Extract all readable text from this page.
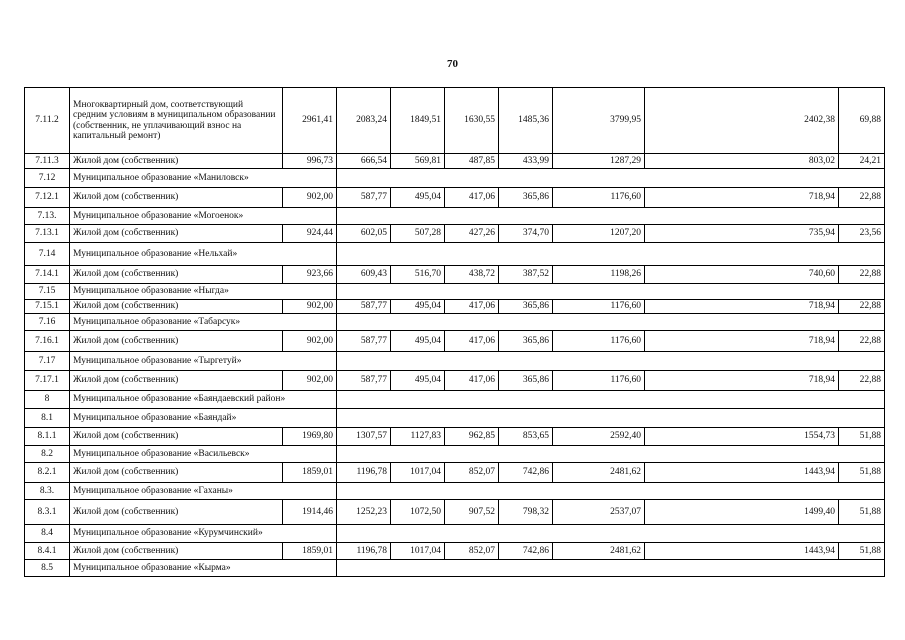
70
7.11.2	Многоквартирный дом, соответствующий средним условиям в муниципальном образовании (собственник, не уплачивающий взнос на капитальный ремонт)	2961,41	2083,24	1849,51	1630,55	1485,36	3799,95	2402,38	69,88
7.11.3	Жилой дом (собственник)	996,73	666,54	569,81	487,85	433,99	1287,29	803,02	24,21
7.12	Муниципальное образование «Маниловск»								
7.12.1	Жилой дом (собственник)	902,00	587,77	495,04	417,06	365,86	1176,60	718,94	22,88
7.13.	Муниципальное образование «Могоенок»								
7.13.1	Жилой дом (собственник)	924,44	602,05	507,28	427,26	374,70	1207,20	735,94	23,56
7.14	Муниципальное образование «Нельхай»								
7.14.1	Жилой дом (собственник)	923,66	609,43	516,70	438,72	387,52	1198,26	740,60	22,88
7.15	Муниципальное образование «Ныгда»								
7.15.1	Жилой дом (собственник)	902,00	587,77	495,04	417,06	365,86	1176,60	718,94	22,88
7.16	Муниципальное образование «Табарсук»								
7.16.1	Жилой дом (собственник)	902,00	587,77	495,04	417,06	365,86	1176,60	718,94	22,88
7.17	Муниципальное образование «Тыргетуй»								
7.17.1	Жилой дом (собственник)	902,00	587,77	495,04	417,06	365,86	1176,60	718,94	22,88
8	Муниципальное образование «Баяндаевский район»								
8.1	Муниципальное образование «Баяндай»								
8.1.1	Жилой дом (собственник)	1969,80	1307,57	1127,83	962,85	853,65	2592,40	1554,73	51,88
8.2	Муниципальное образование «Васильевск»								
8.2.1	Жилой дом (собственник)	1859,01	1196,78	1017,04	852,07	742,86	2481,62	1443,94	51,88
8.3.	Муниципальное образование «Гаханы»								
8.3.1	Жилой дом (собственник)	1914,46	1252,23	1072,50	907,52	798,32	2537,07	1499,40	51,88
8.4	Муниципальное образование «Курумчинский»								
8.4.1	Жилой дом (собственник)	1859,01	1196,78	1017,04	852,07	742,86	2481,62	1443,94	51,88
8.5	Муниципальное образование «Кырма»								
